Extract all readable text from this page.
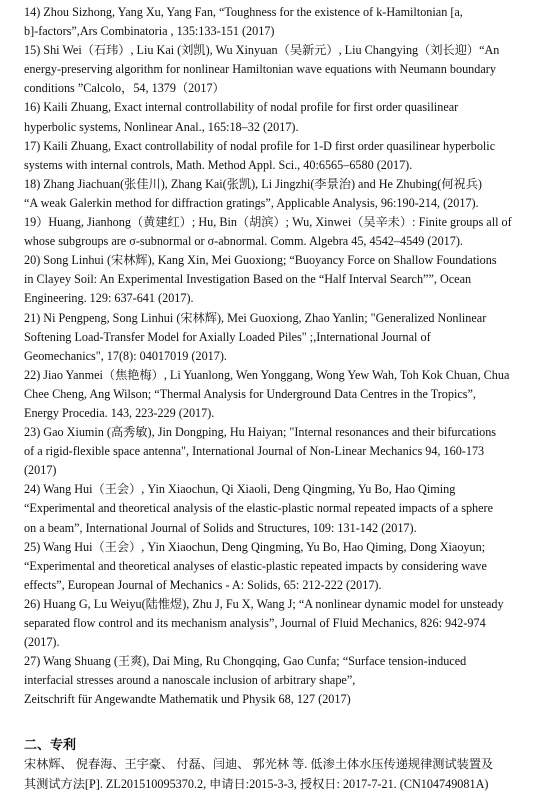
14) Zhou Sizhong, Yang Xu, Yang Fan, “Toughness for the existence of k-Hamiltonian [a,
b]-factors”,Ars Combinatoria , 135:133-151 (2017)
15) Shi Wei（石玮）, Liu Kai (刘凯), Wu Xinyuan（吴新元）, Liu Changying（刘长迎）“An
energy-preserving algorithm for nonlinear Hamiltonian wave equations with Neumann boundary
conditions ”Calcolo，54, 1379（2017）
16) Kaili Zhuang, Exact internal controllability of nodal profile for first order quasilinear
hyperbolic systems, Nonlinear Anal., 165:18–32 (2017).
17) Kaili Zhuang, Exact controllability of nodal profile for 1-D first order quasilinear hyperbolic
systems with internal controls, Math. Method Appl. Sci., 40:6565–6580 (2017).
18) Zhang Jiachuan(张佳川), Zhang Kai(张凯), Li Jingzhi(李景治) and He Zhubing(何祝兵)
“A weak Galerkin method for diffraction gratings”, Applicable Analysis, 96:190-214, (2017).
19）Huang, Jianhong（黄建红）; Hu, Bin（胡滨）; Wu, Xinwei（吴辛未）: Finite groups all of
whose subgroups are σ-subnormal or σ-abnormal. Comm. Algebra 45, 4542–4549 (2017).
20) Song Linhui (宋林辉), Kang Xin, Mei Guoxiong; “Buoyancy Force on Shallow Foundations
in Clayey Soil: An Experimental Investigation Based on the “Half Interval Search””, Ocean
Engineering. 129: 637-641 (2017).
21) Ni Pengpeng, Song Linhui (宋林辉), Mei Guoxiong, Zhao Yanlin; "Generalized Nonlinear
Softening Load-Transfer Model for Axially Loaded Piles" ;,International Journal of
Geomechanics", 17(8): 04017019 (2017).
22) Jiao Yanmei（焦艳梅）, Li Yuanlong, Wen Yonggang, Wong Yew Wah, Toh Kok Chuan, Chua
Chee Cheng, Ang Wilson; “Thermal Analysis for Underground Data Centres in the Tropics”,
Energy Procedia. 143, 223-229 (2017).
23) Gao Xiumin (高秀敏), Jin Dongping, Hu Haiyan; "Internal resonances and their bifurcations
of a rigid-flexible space antenna", International Journal of Non-Linear Mechanics 94, 160-173
(2017)
24) Wang Hui（王会）, Yin Xiaochun, Qi Xiaoli, Deng Qingming, Yu Bo, Hao Qiming
“Experimental and theoretical analysis of the elastic-plastic normal repeated impacts of a sphere
on a beam”, International Journal of Solids and Structures, 109: 131-142 (2017).
25) Wang Hui（王会）, Yin Xiaochun, Deng Qingming, Yu Bo, Hao Qiming, Dong Xiaoyun;
“Experimental and theoretical analyses of elastic-plastic repeated impacts by considering wave
effects”, European Journal of Mechanics - A: Solids, 65: 212-222 (2017).
26) Huang G, Lu Weiyu(陆惟煜), Zhu J, Fu X, Wang J; “A nonlinear dynamic model for unsteady
separated flow control and its mechanism analysis”, Journal of Fluid Mechanics, 826: 942-974
(2017).
27) Wang Shuang (王爽), Dai Ming, Ru Chongqing, Gao Cunfa; “Surface tension-induced
interfacial stresses around a nanoscale inclusion of arbitrary shape”,
Zeitschrift für Angewandte Mathematik und Physik 68, 127 (2017)
二、专利
宋林辉、 倪春海、王宇豪、 付磊、闫迪、 郭光林 等. 低渗土体水压传递规律测试装置及
其测试方法[P]. ZL201510095370.2, 申请日:2015-3-3, 授权日: 2017-7-21. (CN104749081A)
